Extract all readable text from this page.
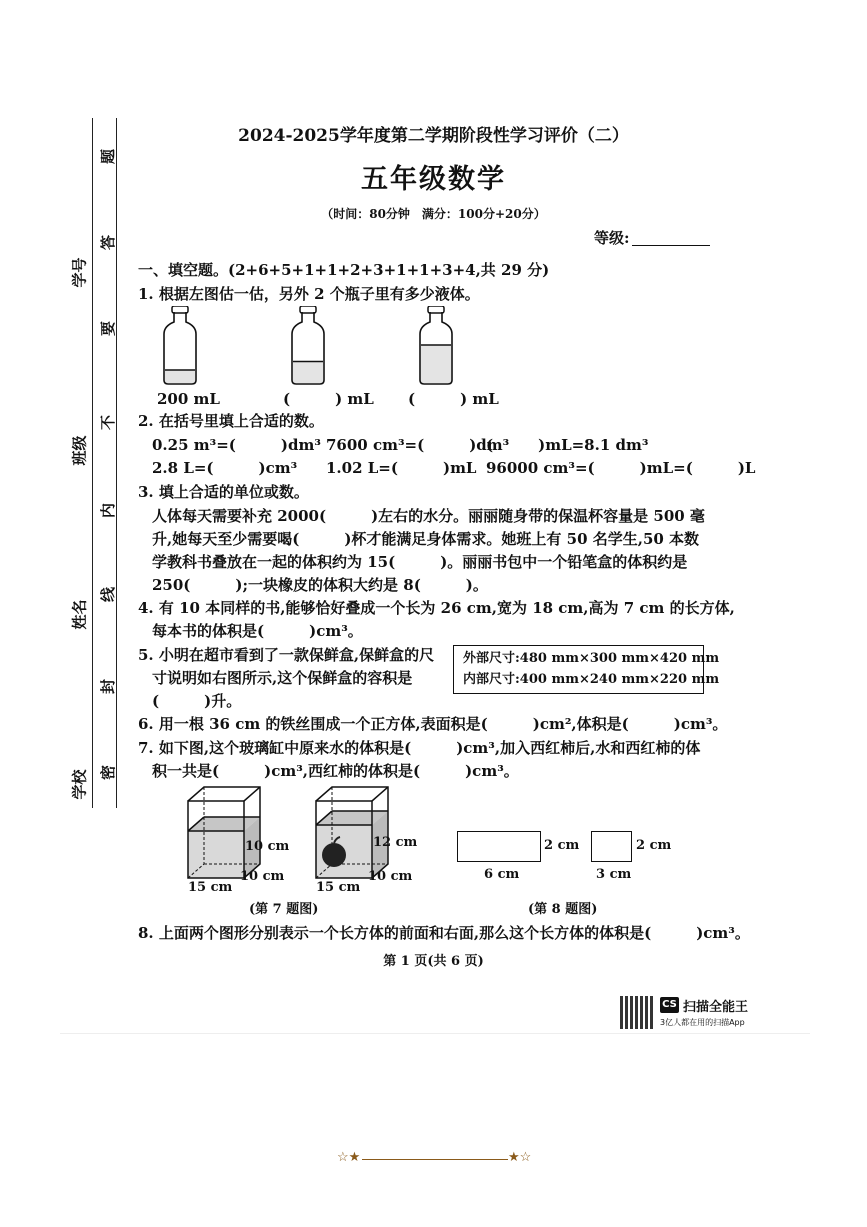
题
答
要
不
内
线
封
密
学号
班级
姓名
学校
2024-2025学年度第二学期阶段性学习评价（二）
五年级数学
（时间：80分钟　满分：100分+20分）
等级:
一、填空题。(2+6+5+1+1+2+3+1+1+3+4,共 29 分)
1. 根据左图估一估，另外 2 个瓶子里有多少液体。
200 mL	(　　　) mL (　　　) mL
2. 在括号里填上合适的数。
0.25 m³=(　　　)dm³ 7600 cm³=(　　　)dm³
(　　　)mL=8.1 dm³
2.8 L=(　　　)cm³ 1.02 L=(　　　)mL 96000 cm³=(　　　)mL=(　　　)L
3. 填上合适的单位或数。
人体每天需要补充 2000(　　　)左右的水分。丽丽随身带的保温杯容量是 500 毫
升,她每天至少需要喝(　　　)杯才能满足身体需求。她班上有 50 名学生,50 本数
学教科书叠放在一起的体积约为 15(　　　)。丽丽书包中一个铅笔盒的体积约是
250(　　　);一块橡皮的体积大约是 8(　　　)。
4. 有 10 本同样的书,能够恰好叠成一个长为 26 cm,宽为 18 cm,高为 7 cm 的长方体,
每本书的体积是(　　　)cm³。
5. 小明在超市看到了一款保鲜盒,保鲜盒的尺
寸说明如右图所示,这个保鲜盒的容积是
(　　　)升。
外部尺寸:480 mm×300 mm×420 mm
内部尺寸:400 mm×240 mm×220 mm
6. 用一根 36 cm 的铁丝围成一个正方体,表面积是(　　　)cm²,体积是(　　　)cm³。
7. 如下图,这个玻璃缸中原来水的体积是(　　　)cm³,加入西红柿后,水和西红柿的体
积一共是(　　　)cm³,西红柿的体积是(　　　)cm³。
10 cm
10 cm
15 cm
12 cm
10 cm
15 cm
(第 7 题图)
2 cm
6 cm
2 cm
3 cm
(第 8 题图)
8. 上面两个图形分别表示一个长方体的前面和右面,那么这个长方体的体积是(　　　)cm³。
第 1 页(共 6 页)
CS 扫描全能王
3亿人都在用的扫描App
☆★	★☆
